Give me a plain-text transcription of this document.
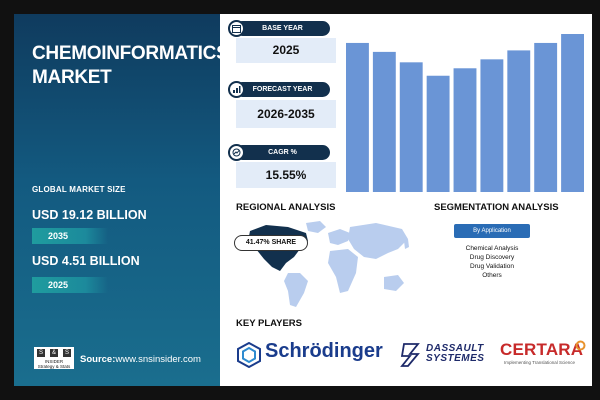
CHEMOINFORMATICS MARKET
GLOBAL MARKET SIZE
USD 19.12 BILLION
2035
USD 4.51 BILLION
2025
S	&	S
INSIDER
Strategy & Stats
Source:www.snsinsider.com
BASE YEAR
2025
FORECAST YEAR
2026-2035
CAGR %
15.55%
REGIONAL ANALYSIS
41.47% SHARE
SEGMENTATION ANALYSIS
By Application
Chemical Analysis
Drug Discovery
Drug Validation
Others
KEY PLAYERS
Schrödinger	DASSAULT
SYSTEMES CERTARA
Implementing Translational Science
